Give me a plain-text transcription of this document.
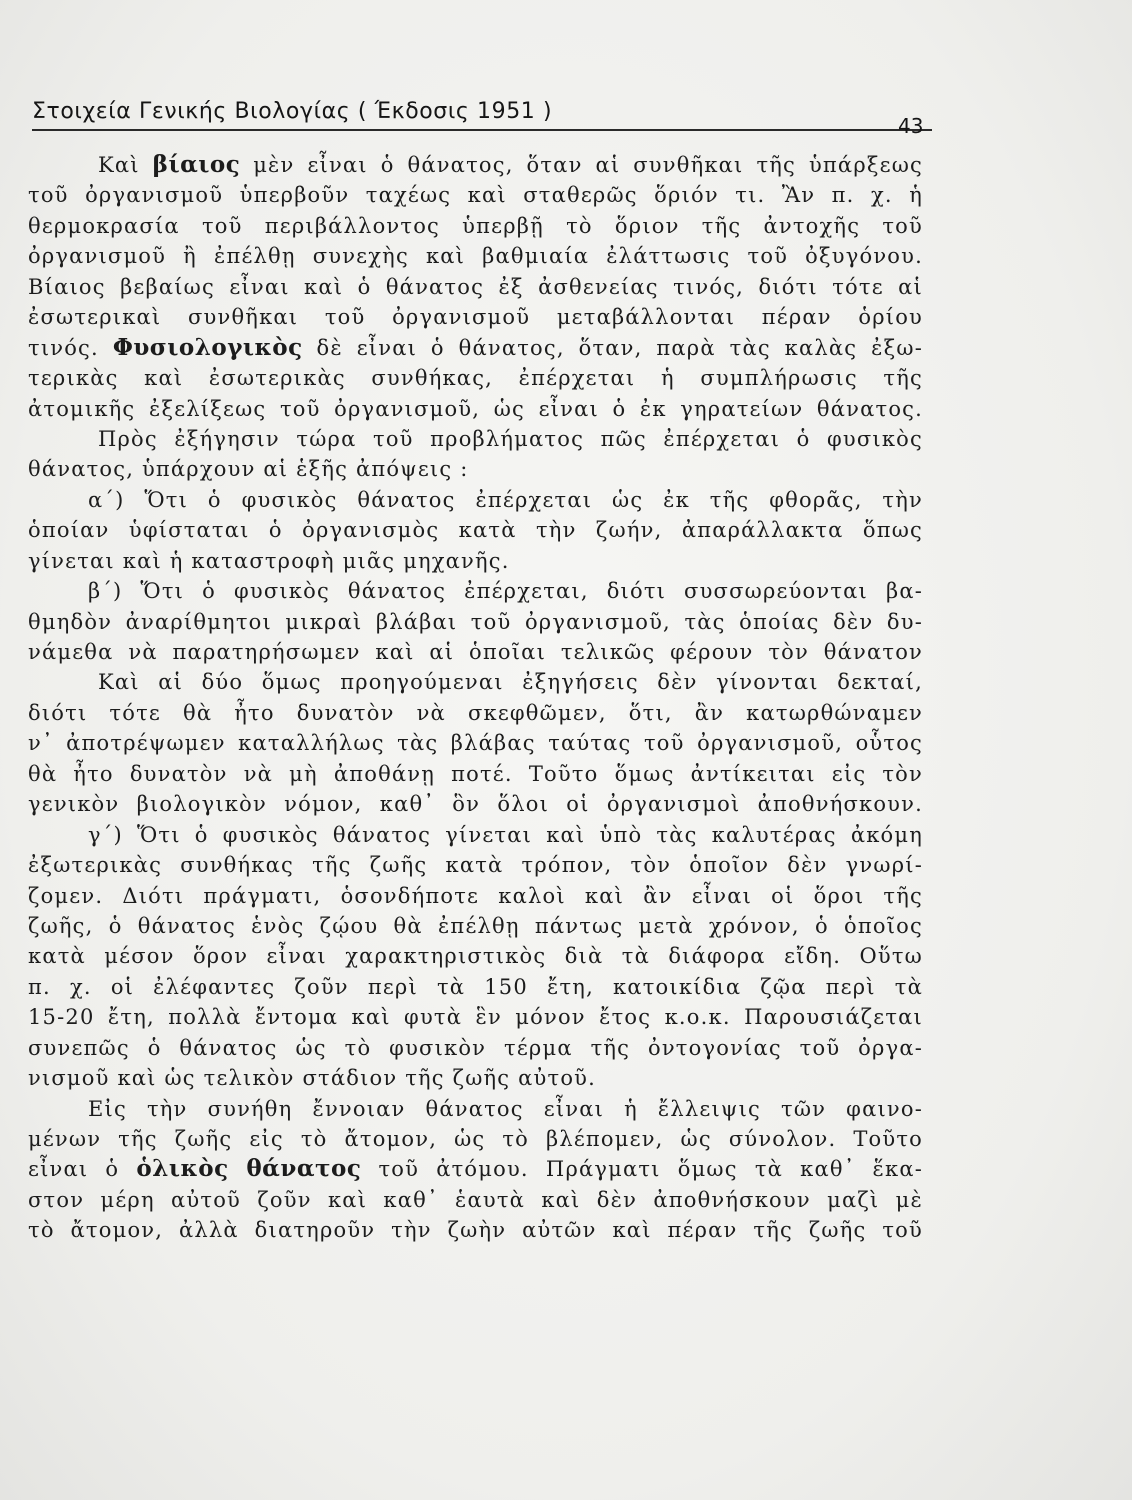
Στοιχεία Γενικής Βιολογίας ( Έκδοσις 1951 )
43
Καὶ βίαιος μὲν εἶναι ὁ θάνατος, ὅταν αἱ συνθῆκαι τῆς ὑπάρξεως
τοῦ ὀργανισμοῦ ὑπερβοῦν ταχέως καὶ σταθερῶς ὅριόν τι. Ἂν π. χ. ἡ
θερμοκρασία τοῦ περιβάλλοντος ὑπερβῇ τὸ ὅριον τῆς ἀντοχῆς τοῦ
ὀργανισμοῦ ἢ ἐπέλθῃ συνεχὴς καὶ βαθμιαία ἐλάττωσις τοῦ ὀξυγόνου.
Βίαιος βεβαίως εἶναι καὶ ὁ θάνατος ἐξ ἀσθενείας τινός, διότι τότε αἱ
ἐσωτερικαὶ συνθῆκαι τοῦ ὀργανισμοῦ μεταβάλλονται πέραν ὁρίου
τινός. Φυσιολογικὸς δὲ εἶναι ὁ θάνατος, ὅταν, παρὰ τὰς καλὰς ἐξω-
τερικὰς καὶ ἐσωτερικὰς συνθήκας, ἐπέρχεται ἡ συμπλήρωσις τῆς
ἀτομικῆς ἐξελίξεως τοῦ ὀργανισμοῦ, ὡς εἶναι ὁ ἐκ γηρατείων θάνατος.
Πρὸς ἐξήγησιν τώρα τοῦ προβλήματος πῶς ἐπέρχεται ὁ φυσικὸς
θάνατος, ὑπάρχουν αἱ ἑξῆς ἀπόψεις :
α΄) Ὅτι ὁ φυσικὸς θάνατος ἐπέρχεται ὡς ἐκ τῆς φθορᾶς, τὴν
ὁποίαν ὑφίσταται ὁ ὀργανισμὸς κατὰ τὴν ζωήν, ἀπαράλλακτα ὅπως
γίνεται καὶ ἡ καταστροφὴ μιᾶς μηχανῆς.
β΄) Ὅτι ὁ φυσικὸς θάνατος ἐπέρχεται, διότι συσσωρεύονται βα-
θμηδὸν ἀναρίθμητοι μικραὶ βλάβαι τοῦ ὀργανισμοῦ, τὰς ὁποίας δὲν δυ-
νάμεθα νὰ παρατηρήσωμεν καὶ αἱ ὁποῖαι τελικῶς φέρουν τὸν θάνατον
Καὶ αἱ δύο ὅμως προηγούμεναι ἐξηγήσεις δὲν γίνονται δεκταί,
διότι τότε θὰ ἦτο δυνατὸν νὰ σκεφθῶμεν, ὅτι, ἂν κατωρθώναμεν
ν᾽ ἀποτρέψωμεν καταλλήλως τὰς βλάβας ταύτας τοῦ ὀργανισμοῦ, οὗτος
θὰ ἦτο δυνατὸν νὰ μὴ ἀποθάνῃ ποτέ. Τοῦτο ὅμως ἀντίκειται εἰς τὸν
γενικὸν βιολογικὸν νόμον, καθ᾽ ὃν ὅλοι οἱ ὀργανισμοὶ ἀποθνήσκουν.
γ΄) Ὅτι ὁ φυσικὸς θάνατος γίνεται καὶ ὑπὸ τὰς καλυτέρας ἀκόμη
ἐξωτερικὰς συνθήκας τῆς ζωῆς κατὰ τρόπον, τὸν ὁποῖον δὲν γνωρί-
ζομεν. Διότι πράγματι, ὁσονδήποτε καλοὶ καὶ ἂν εἶναι οἱ ὅροι τῆς
ζωῆς, ὁ θάνατος ἑνὸς ζῴου θὰ ἐπέλθῃ πάντως μετὰ χρόνον, ὁ ὁποῖος
κατὰ μέσον ὅρον εἶναι χαρακτηριστικὸς διὰ τὰ διάφορα εἴδη. Οὕτω
π. χ. οἱ ἐλέφαντες ζοῦν περὶ τὰ 150 ἔτη, κατοικίδια ζῷα περὶ τὰ
15-20 ἔτη, πολλὰ ἔντομα καὶ φυτὰ ἓν μόνον ἔτος κ.ο.κ. Παρουσιάζεται
συνεπῶς ὁ θάνατος ὡς τὸ φυσικὸν τέρμα τῆς ὀντογονίας τοῦ ὀργα-
νισμοῦ καὶ ὡς τελικὸν στάδιον τῆς ζωῆς αὐτοῦ.
Εἰς τὴν συνήθη ἔννοιαν θάνατος εἶναι ἡ ἔλλειψις τῶν φαινο-
μένων τῆς ζωῆς εἰς τὸ ἄτομον, ὡς τὸ βλέπομεν, ὡς σύνολον. Τοῦτο
εἶναι ὁ ὁλικὸς θάνατος τοῦ ἀτόμου. Πράγματι ὅμως τὰ καθ᾽ ἕκα-
στον μέρη αὐτοῦ ζοῦν καὶ καθ᾽ ἑαυτὰ καὶ δὲν ἀποθνήσκουν μαζὶ μὲ
τὸ ἄτομον, ἀλλὰ διατηροῦν τὴν ζωὴν αὐτῶν καὶ πέραν τῆς ζωῆς τοῦ
